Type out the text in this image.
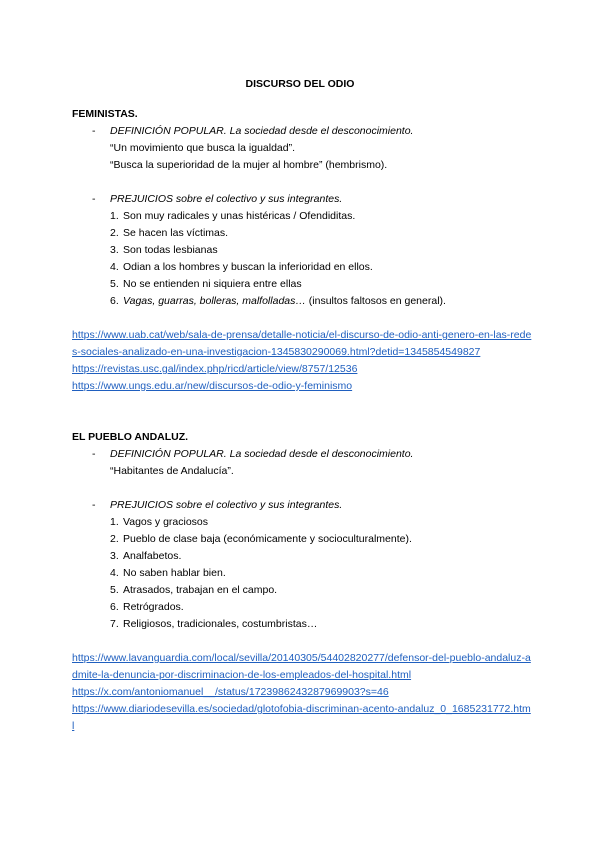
DISCURSO DEL ODIO
FEMINISTAS.
- DEFINICIÓN POPULAR. La sociedad desde el desconocimiento.
“Un movimiento que busca la igualdad”.
“Busca la superioridad de la mujer al hombre” (hembrismo).
- PREJUICIOS sobre el colectivo y sus integrantes.
1. Son muy radicales y unas histéricas / Ofendiditas.
2. Se hacen las víctimas.
3. Son todas lesbianas
4. Odian a los hombres y buscan la inferioridad en ellos.
5. No se entienden ni siquiera entre ellas
6. Vagas, guarras, bolleras, malfolladas… (insultos faltosos en general).
https://www.uab.cat/web/sala-de-prensa/detalle-noticia/el-discurso-de-odio-anti-genero-en-las-redes-sociales-analizado-en-una-investigacion-1345830290069.html?detid=1345854549827
https://revistas.usc.gal/index.php/ricd/article/view/8757/12536
https://www.ungs.edu.ar/new/discursos-de-odio-y-feminismo
EL PUEBLO ANDALUZ.
- DEFINICIÓN POPULAR. La sociedad desde el desconocimiento.
“Habitantes de Andalucía”.
- PREJUICIOS sobre el colectivo y sus integrantes.
1. Vagos y graciosos
2. Pueblo de clase baja (económicamente y socioculturalmente).
3. Analfabetos.
4. No saben hablar bien.
5. Atrasados, trabajan en el campo.
6. Retrógrados.
7. Religiosos, tradicionales, costumbristas…
https://www.lavanguardia.com/local/sevilla/20140305/54402820277/defensor-del-pueblo-andaluz-admite-la-denuncia-por-discriminacion-de-los-empleados-del-hospital.html
https://x.com/antoniomanuel__/status/1723986243287969903?s=46
https://www.diariodesevilla.es/sociedad/glotofobia-discriminan-acento-andaluz_0_1685231772.html
